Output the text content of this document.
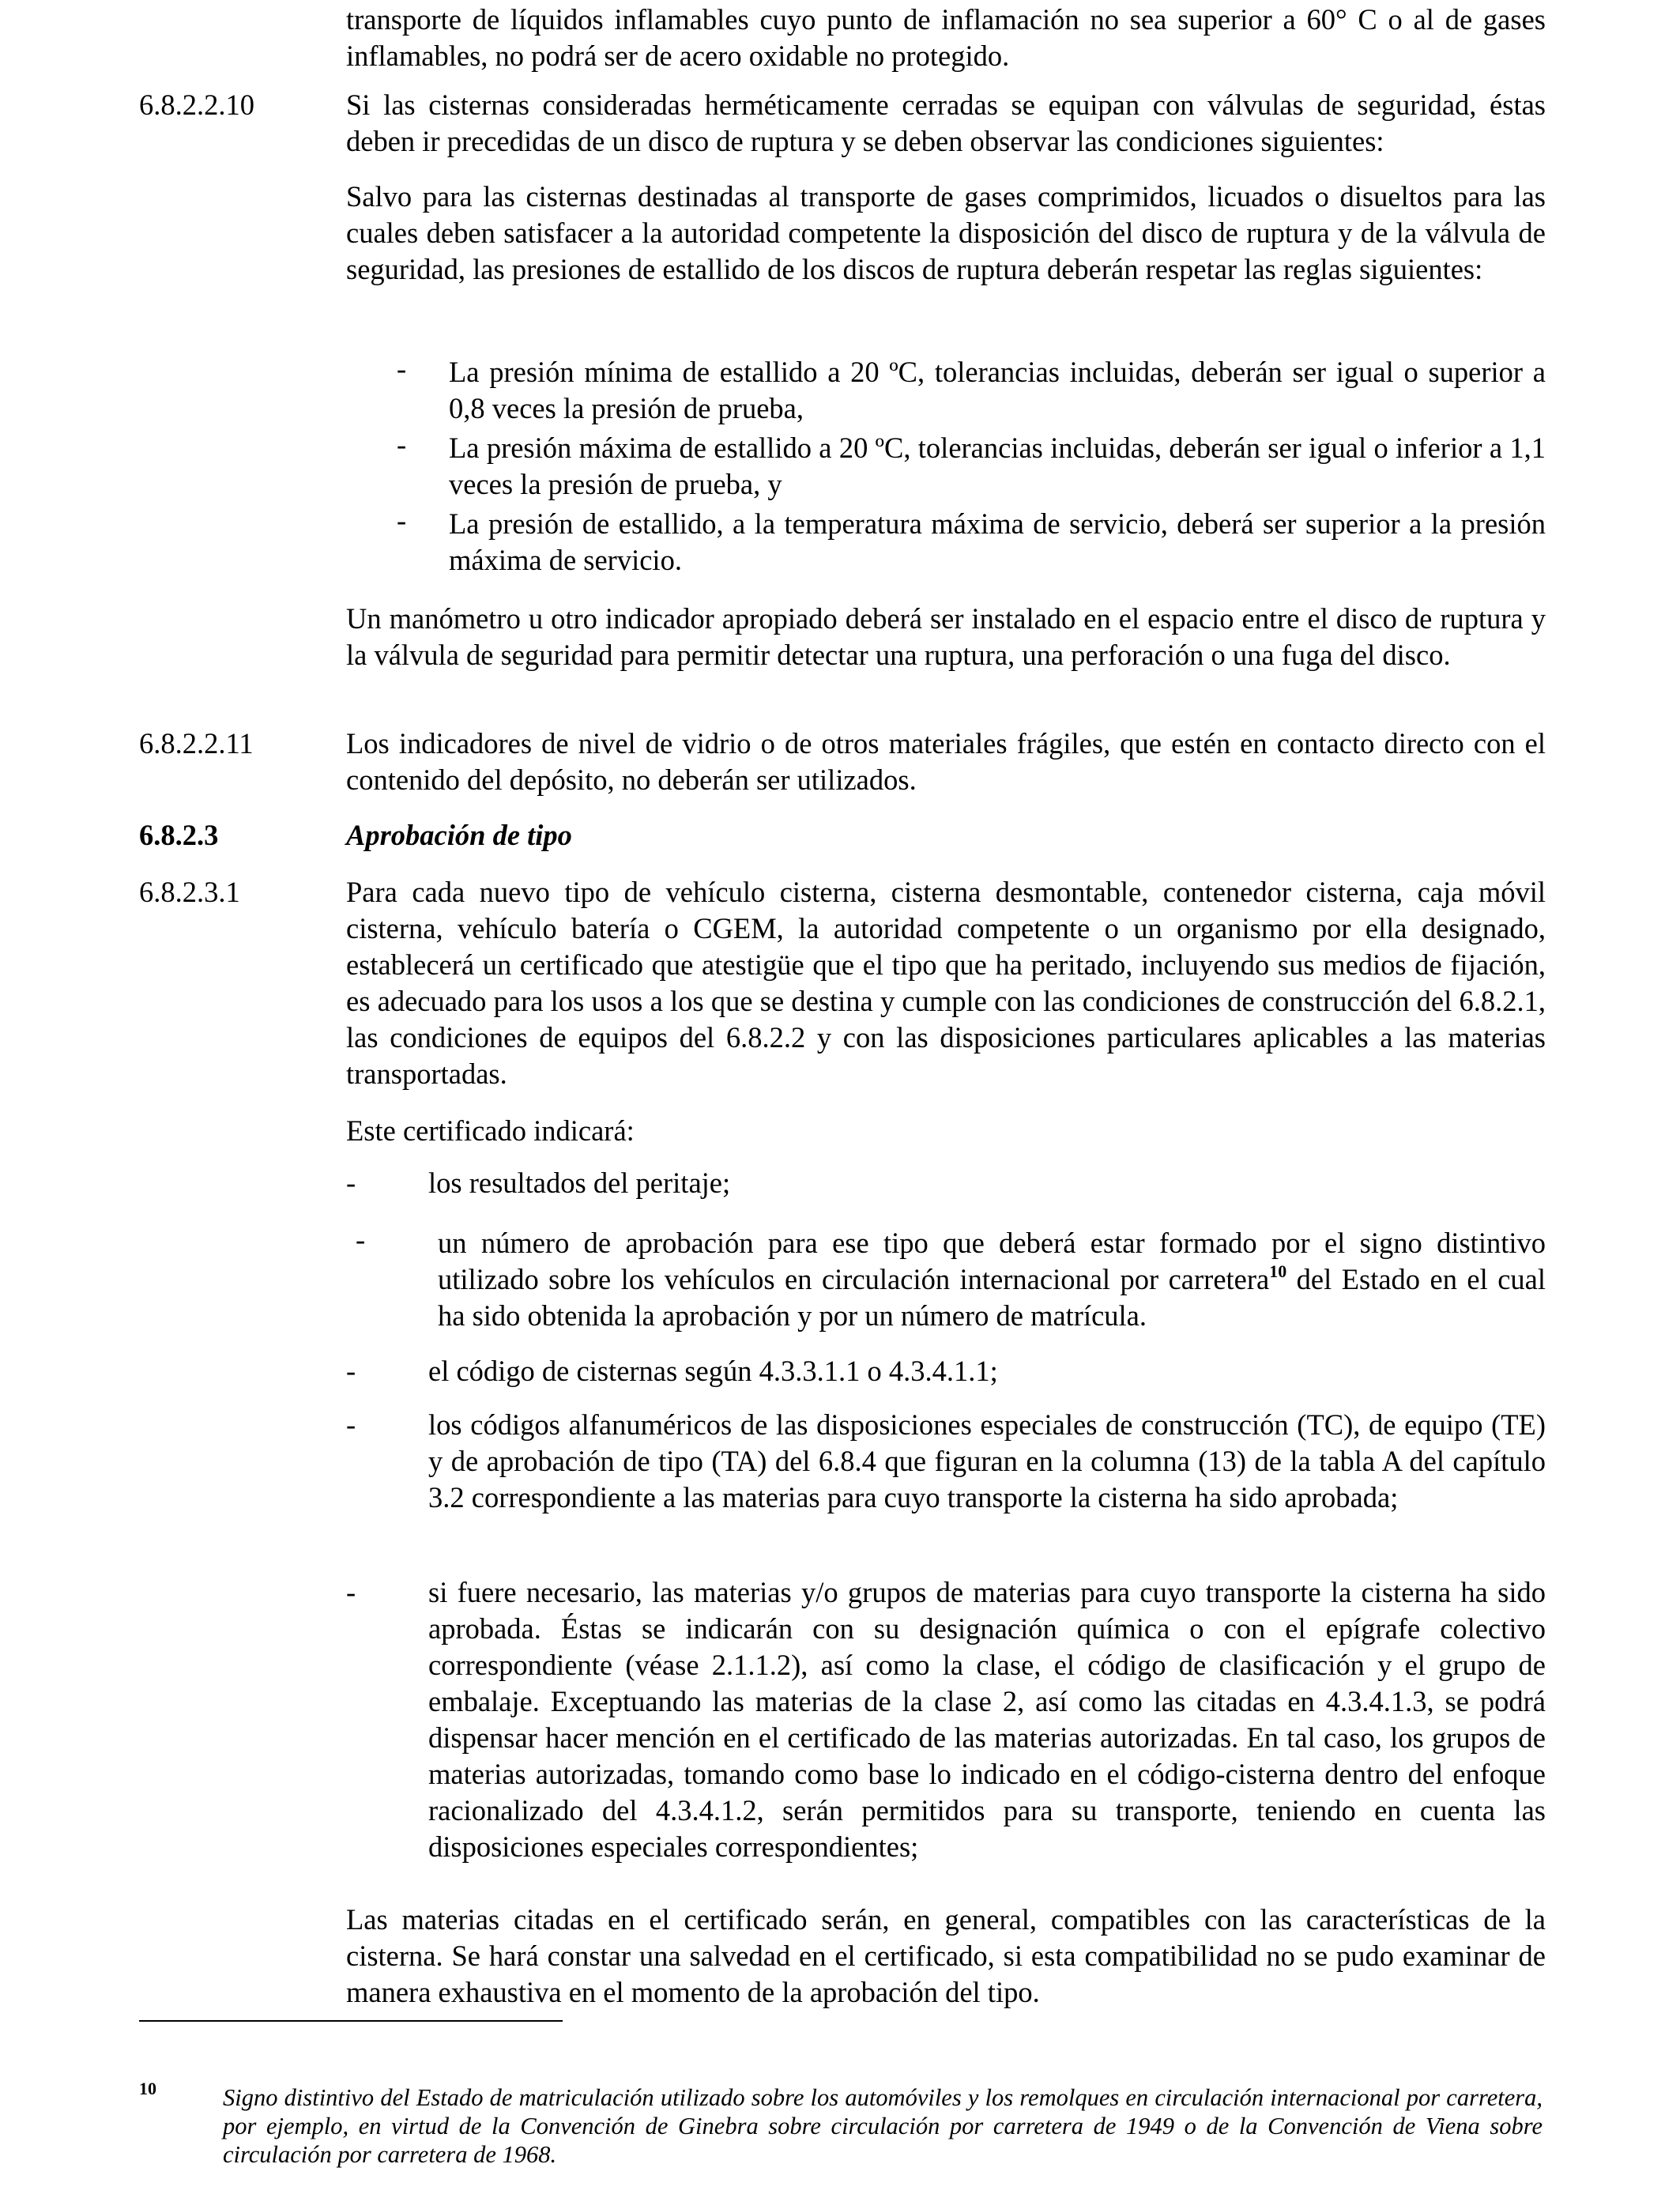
transporte de líquidos inflamables cuyo punto de inflamación no sea superior a 60° C o al de gases inflamables, no podrá ser de acero oxidable no protegido.
6.8.2.2.10	Si las cisternas consideradas herméticamente cerradas se equipan con válvulas de seguridad, éstas deben ir precedidas de un disco de ruptura y se deben observar las condiciones siguientes:
Salvo para las cisternas destinadas al transporte de gases comprimidos, licuados o disueltos para las cuales deben satisfacer a la autoridad competente la disposición del disco de ruptura y de la válvula de seguridad, las presiones de estallido de los discos de ruptura deberán respetar las reglas siguientes:
- La presión mínima de estallido a 20 ºC, tolerancias incluidas, deberán ser igual o superior a 0,8 veces la presión de prueba,
- La presión máxima de estallido a 20 ºC, tolerancias incluidas, deberán ser igual o inferior a 1,1 veces la presión de prueba, y
- La presión de estallido, a la temperatura máxima de servicio, deberá ser superior a la presión máxima de servicio.
Un manómetro u otro indicador apropiado deberá ser instalado en el espacio entre el disco de ruptura y la válvula de seguridad para permitir detectar una ruptura, una perforación o una fuga del disco.
6.8.2.2.11	Los indicadores de nivel de vidrio o de otros materiales frágiles, que estén en contacto directo con el contenido del depósito, no deberán ser utilizados.
6.8.2.3	Aprobación de tipo
6.8.2.3.1	Para cada nuevo tipo de vehículo cisterna, cisterna desmontable, contenedor cisterna, caja móvil cisterna, vehículo batería o CGEM, la autoridad competente o un organismo por ella designado, establecerá un certificado que atestigüe que el tipo que ha peritado, incluyendo sus medios de fijación, es adecuado para los usos a los que se destina y cumple con las condiciones de construcción del 6.8.2.1, las condiciones de equipos del 6.8.2.2 y con las disposiciones particulares aplicables a las materias transportadas.
Este certificado indicará:
-	los resultados del peritaje;
-	un número de aprobación para ese tipo que deberá estar formado por el signo distintivo utilizado sobre los vehículos en circulación internacional por carretera$^{10}$ del Estado en el cual ha sido obtenida la aprobación y por un número de matrícula.
-	el código de cisternas según 4.3.3.1.1 o 4.3.4.1.1;
-	los códigos alfanuméricos de las disposiciones especiales de construcción (TC), de equipo (TE) y de aprobación de tipo (TA) del 6.8.4 que figuran en la columna (13) de la tabla A del capítulo 3.2 correspondiente a las materias para cuyo transporte la cisterna ha sido aprobada;
-	si fuere necesario, las materias y/o grupos de materias para cuyo transporte la cisterna ha sido aprobada. Éstas se indicarán con su designación química o con el epígrafe colectivo correspondiente (véase 2.1.1.2), así como la clase, el código de clasificación y el grupo de embalaje. Exceptuando las materias de la clase 2, así como las citadas en 4.3.4.1.3, se podrá dispensar hacer mención en el certificado de las materias autorizadas. En tal caso, los grupos de materias autorizadas, tomando como base lo indicado en el código-cisterna dentro del enfoque racionalizado del 4.3.4.1.2, serán permitidos para su transporte, teniendo en cuenta las disposiciones especiales correspondientes;
Las materias citadas en el certificado serán, en general, compatibles con las características de la cisterna. Se hará constar una salvedad en el certificado, si esta compatibilidad no se pudo examinar de manera exhaustiva en el momento de la aprobación del tipo.
10	Signo distintivo del Estado de matriculación utilizado sobre los automóviles y los remolques en circulación internacional por carretera, por ejemplo, en virtud de la Convención de Ginebra sobre circulación por carretera de 1949 o de la Convención de Viena sobre circulación por carretera de 1968.
